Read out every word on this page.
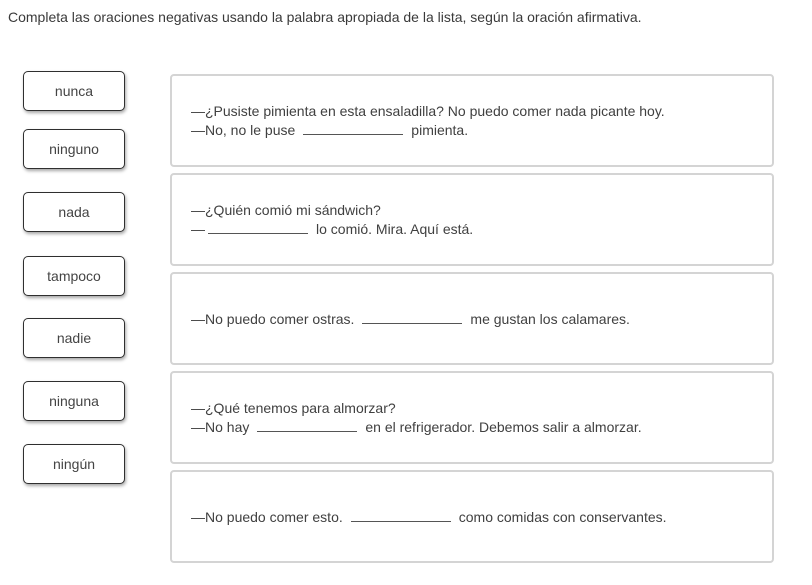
Completa las oraciones negativas usando la palabra apropiada de la lista, según la oración afirmativa.
nunca
ninguno
nada
tampoco
nadie
ninguna
ningún
—¿Pusiste pimienta en esta ensaladilla? No puedo comer nada picante hoy.
—No, no le puse	pimienta.
—¿Quién comió mi sándwich?
—	lo comió. Mira. Aquí está.
—No puedo comer ostras.	me gustan los calamares.
—¿Qué tenemos para almorzar?
—No hay	en el refrigerador. Debemos salir a almorzar.
—No puedo comer esto.	como comidas con conservantes.
